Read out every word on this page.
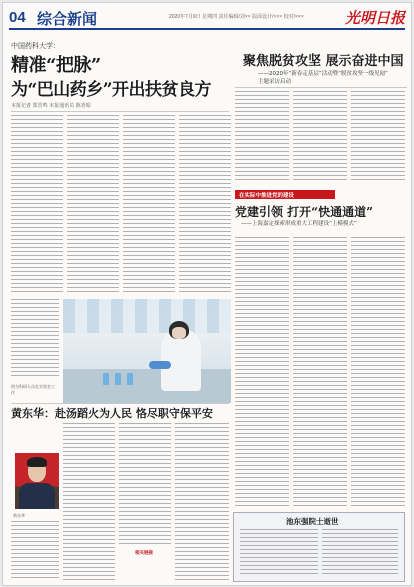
04 综合新闻	2020年7月9日 星期四 责任编辑/刘×× 版面设计/××× 校对/×××	光明日报
中国药科大学：
精准“把脉”
为“巴山药乡”开出扶贫良方
本报记者 郑晋鸣 本报通讯员 陈喜昭
聚焦脱贫攻坚 展示奋进中国
——2020年“新春走基层”活动暨“脱贫攻坚一线见闻”
主题采访启动
在实际中推进党的建设
党建引领 打开“快通通道”
——上海嘉定探索形成重大工程建设“上模模式”
图为科研人员在实验室工作
黄东华：赴汤蹈火为人民 恪尽职守保平安
黄东华
相关链接
池东强院士逝世
